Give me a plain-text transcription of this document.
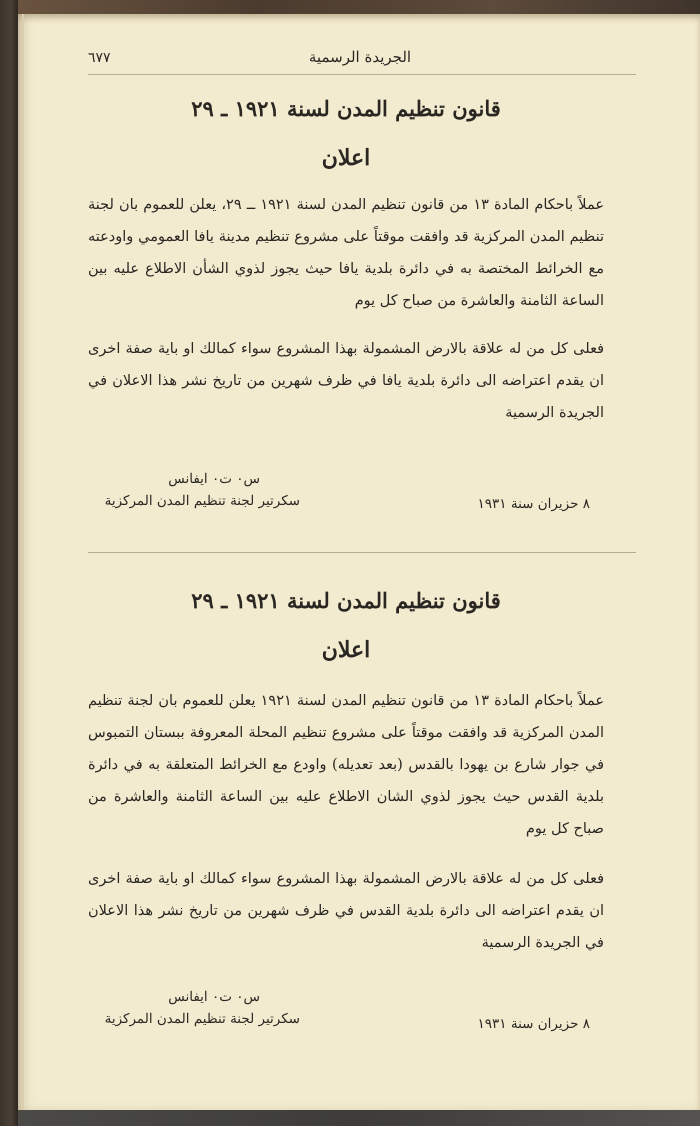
٦٧٧	الجريدة الرسمية

قانون تنظيم المدن لسنة ١٩٢١ ـ ٢٩

اعلان

عملاً باحكام المادة ١٣ من قانون تنظيم المدن لسنة ١٩٢١ ــ ٢٩، يعلن للعموم بان لجنة تنظيم المدن المركزية قد وافقت موقتاً على مشروع تنظيم مدينة يافا العمومي واودعته مع الخرائط المختصة به في دائرة بلدية يافا حيث يجوز لذوي الشأن الاطلاع عليه بين الساعة الثامنة والعاشرة من صباح كل يوم

فعلى كل من له علاقة بالارض المشمولة بهذا المشروع سواء كمالك او باية صفة اخرى ان يقدم اعتراضه الى دائرة بلدية يافا في ظرف شهرين من تاريخ نشر هذا الاعلان في الجريدة الرسمية

س٠ ت٠ ايفانس
سكرتير لجنة تنظيم المدن المركزية	٨ حزيران سنة ١٩٣١

قانون تنظيم المدن لسنة ١٩٢١ ـ ٢٩

اعلان

عملاً باحكام المادة ١٣ من قانون تنظيم المدن لسنة ١٩٢١ يعلن للعموم بان لجنة تنظيم المدن المركزية قد وافقت موقتاً على مشروع تنظيم المحلة المعروفة ببستان التمبوس في جوار شارع بن يهودا بالقدس (بعد تعديله) واودع مع الخرائط المتعلقة به في دائرة بلدية القدس حيث يجوز لذوي الشان الاطلاع عليه بين الساعة الثامنة والعاشرة من صباح كل يوم

فعلى كل من له علاقة بالارض المشمولة بهذا المشروع سواء كمالك او باية صفة اخرى ان يقدم اعتراضه الى دائرة بلدية القدس في ظرف شهرين من تاريخ نشر هذا الاعلان في الجريدة الرسمية

س٠ ت٠ ايفانس
سكرتير لجنة تنظيم المدن المركزية	٨ حزيران سنة ١٩٣١
